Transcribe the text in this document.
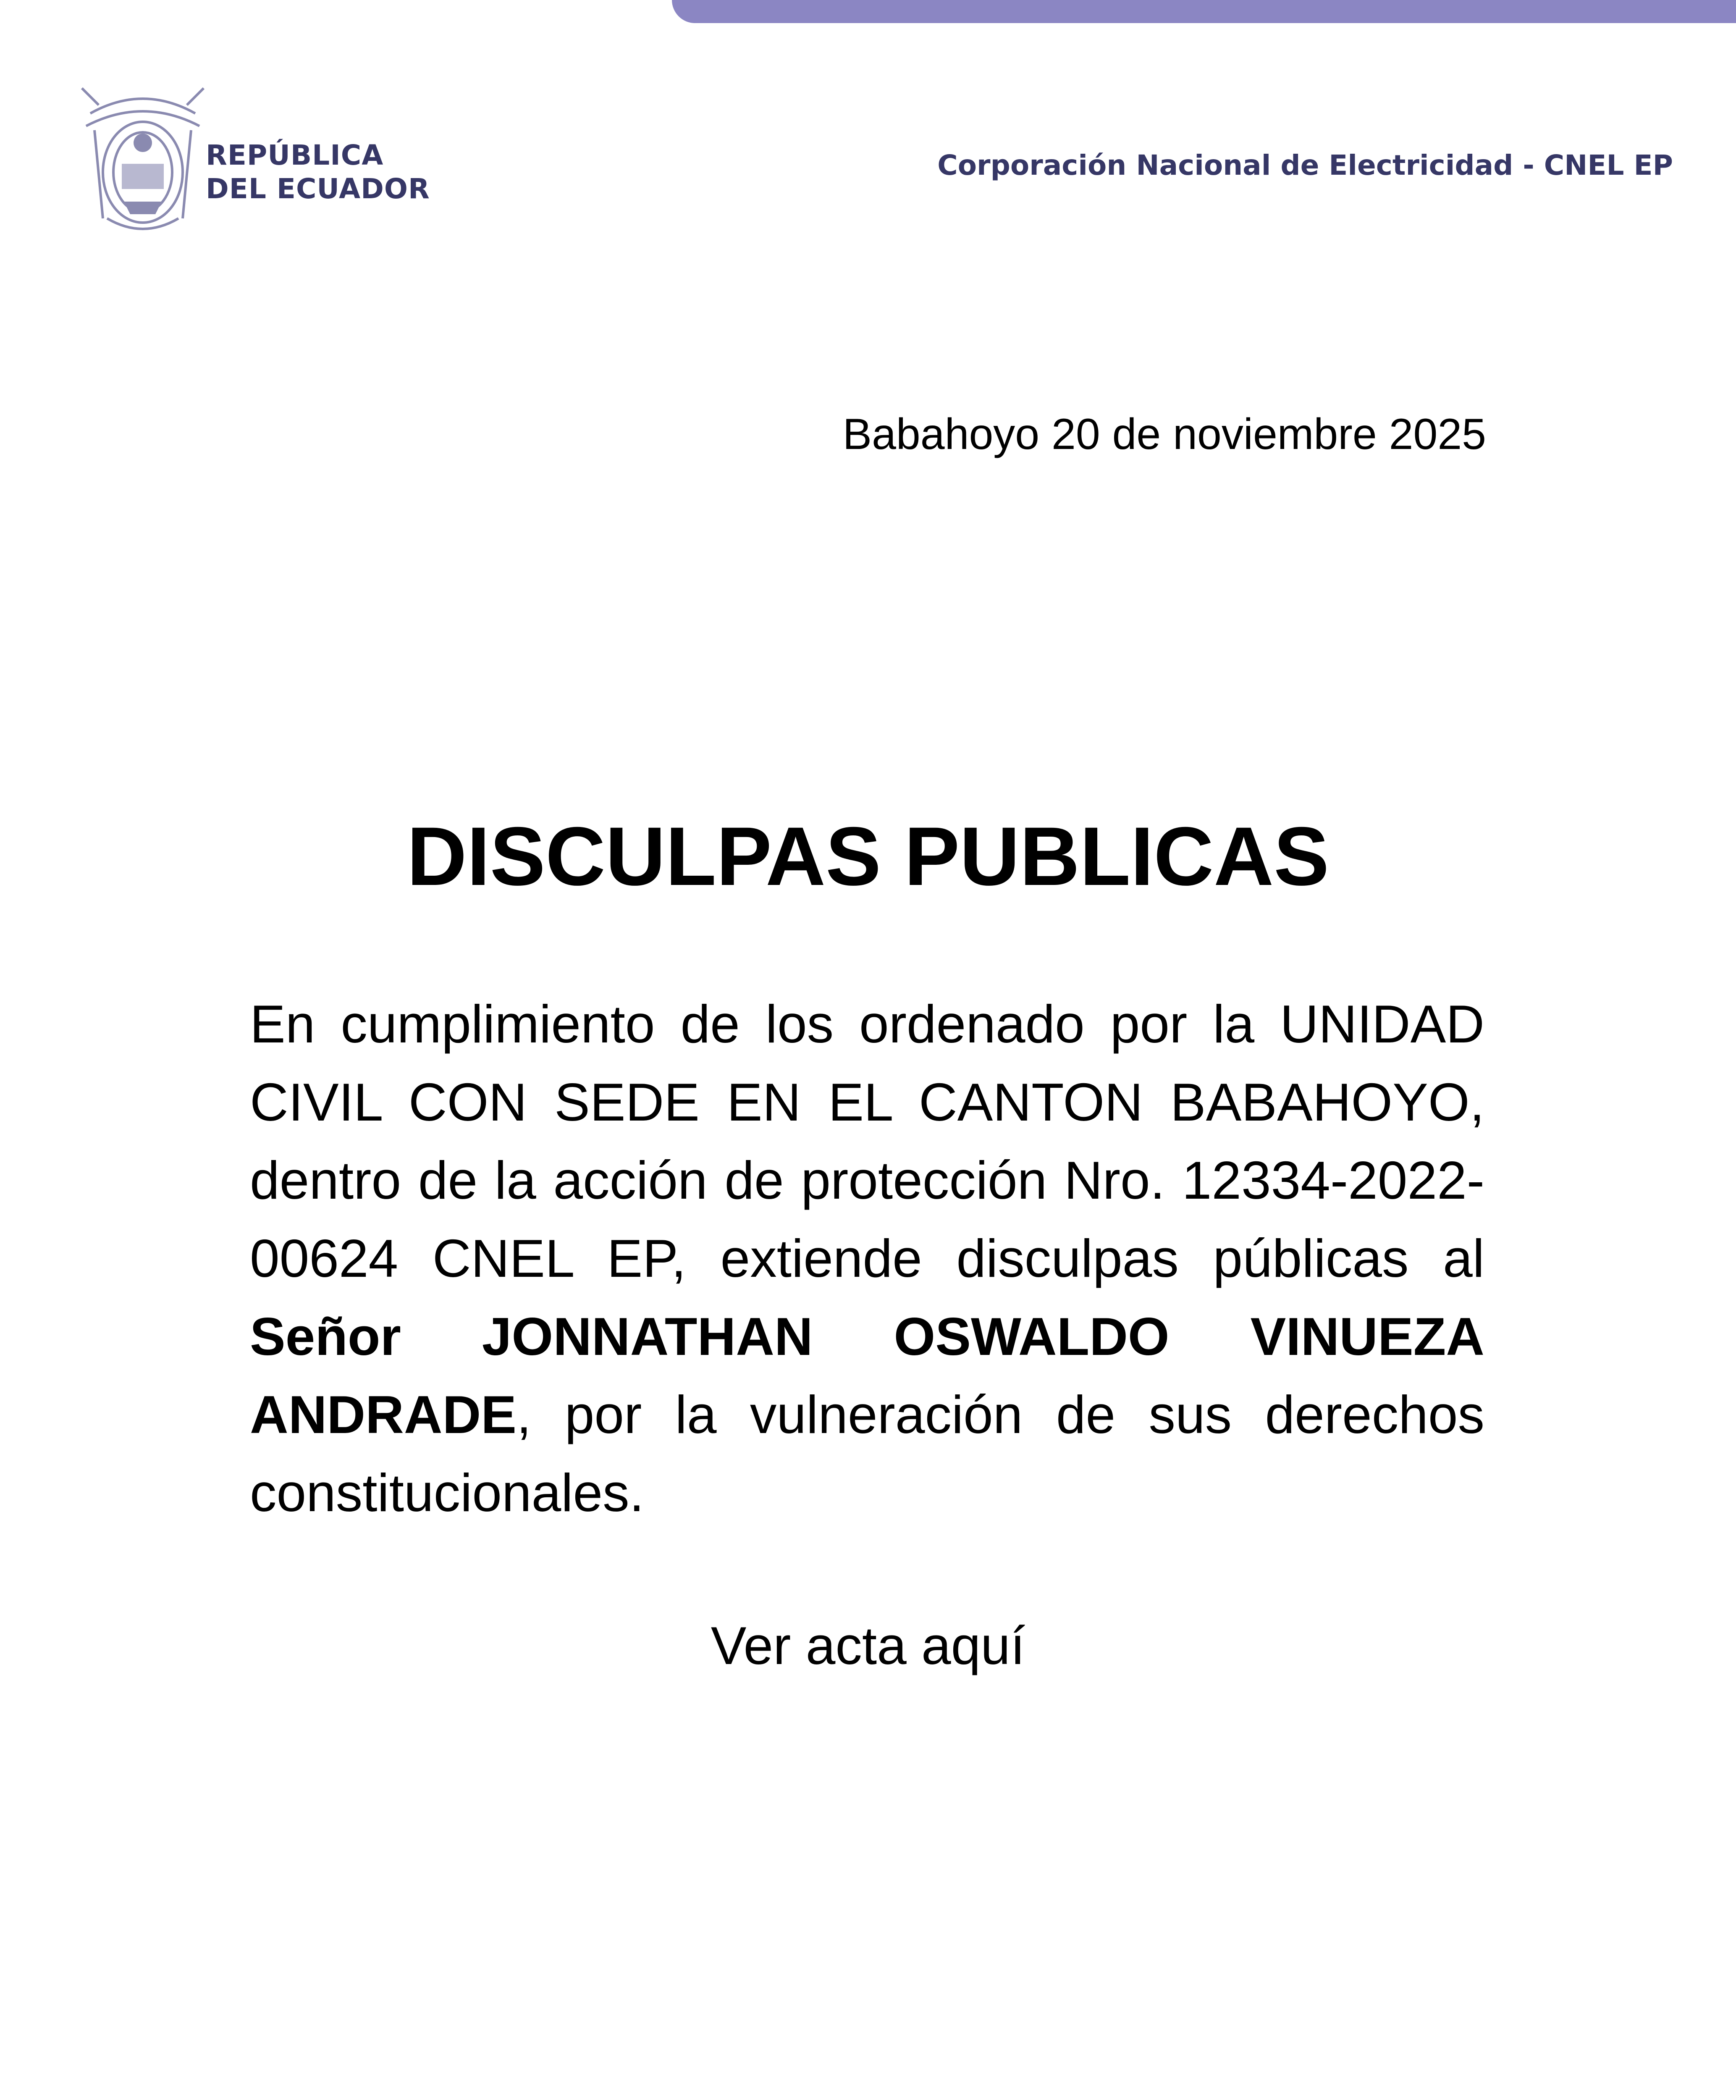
REPÚBLICA
DEL ECUADOR
Corporación Nacional de Electricidad - CNEL EP
Babahoyo 20 de noviembre 2025
DISCULPAS PUBLICAS
En cumplimiento de los ordenado por la UNIDAD CIVIL CON SEDE EN EL CANTON BABAHOYO, dentro de la acción de protección Nro. 12334-2022-00624 CNEL EP, extiende disculpas públicas al Señor JONNATHAN OSWALDO VINUEZA ANDRADE, por la vulneración de sus derechos constitucionales.
Ver acta aquí
